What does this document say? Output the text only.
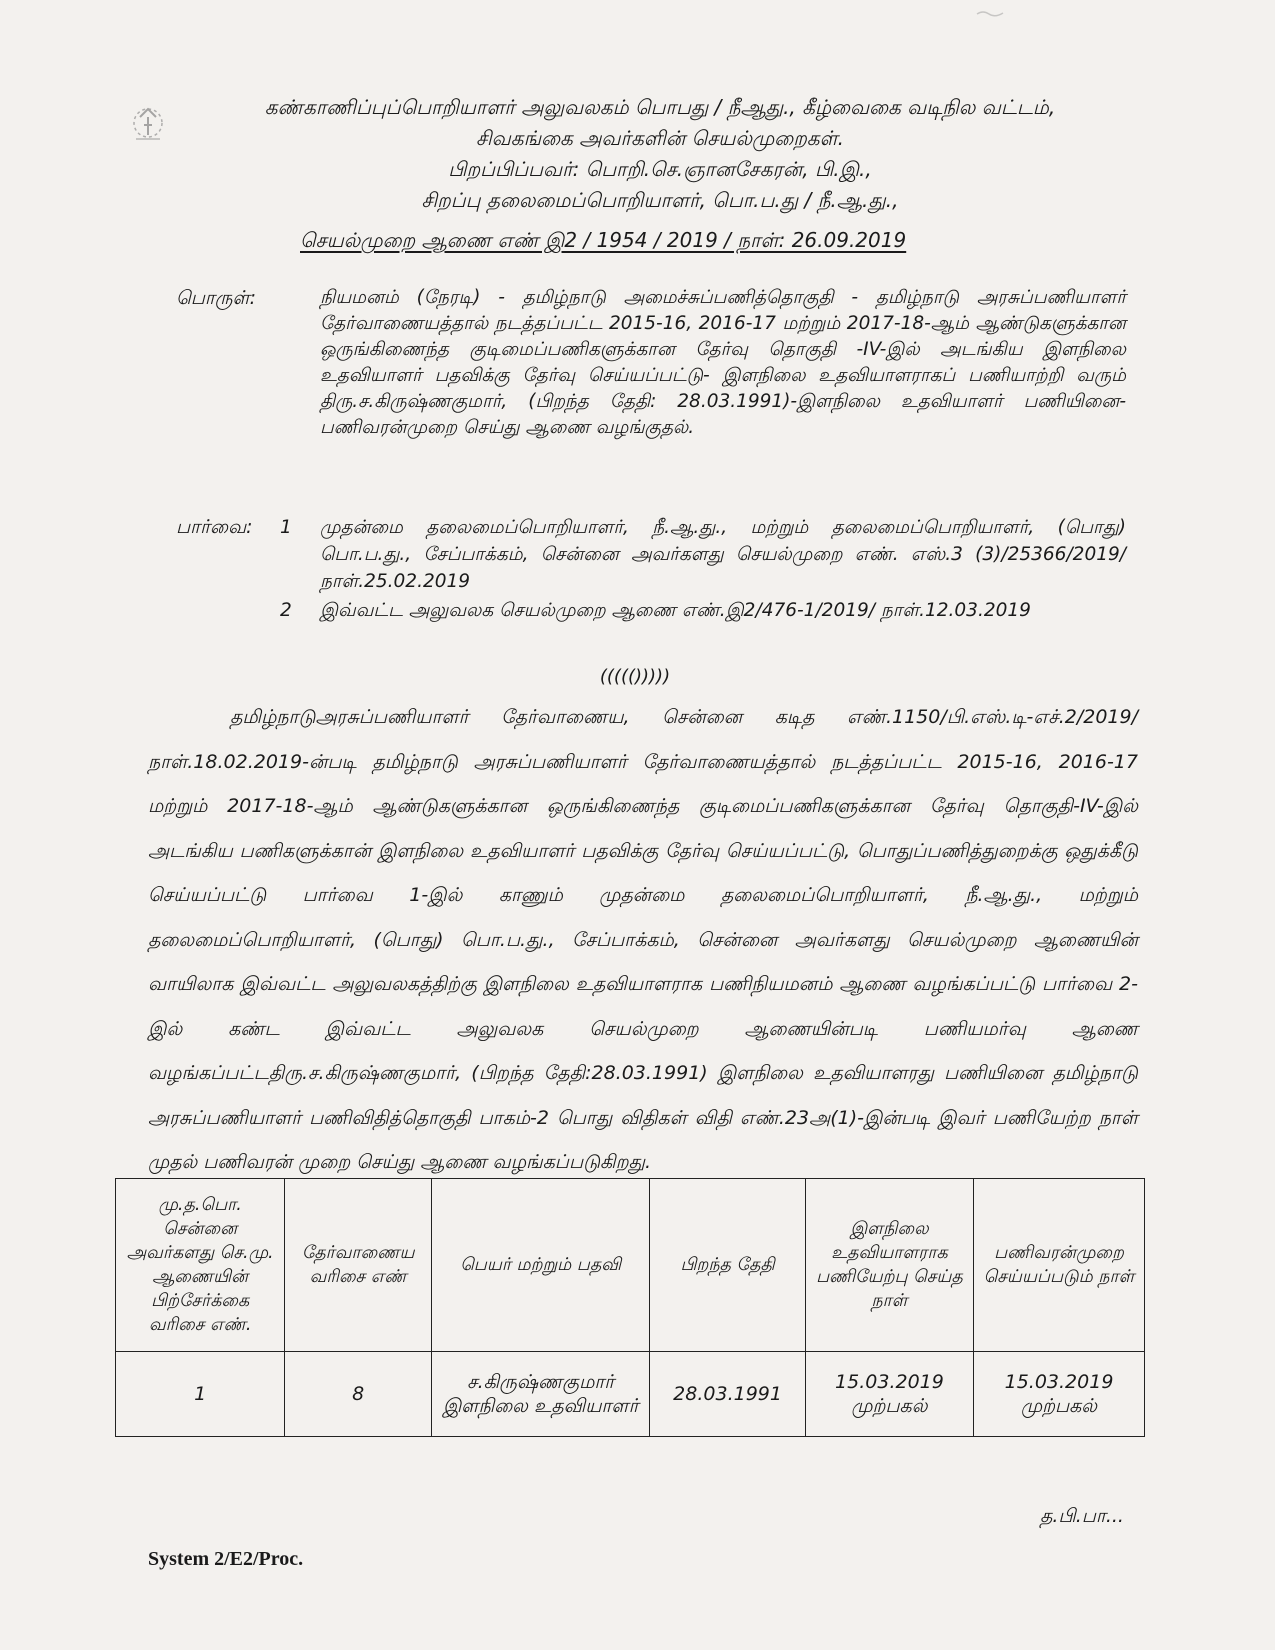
கண்காணிப்புப்பொறியாளர் அலுவலகம் பொபது / நீஆது., கீழ்வைகை வடிநில வட்டம்,
சிவகங்கை அவர்களின் செயல்முறைகள்.
பிறப்பிப்பவர்: பொறி.செ.ஞானசேகரன், பி.இ.,
சிறப்பு தலைமைப்பொறியாளர், பொ.ப.து / நீ.ஆ.து.,
செயல்முறை ஆணை எண் இ2 / 1954 / 2019 / நாள்: 26.09.2019
பொருள்:	நியமனம் (நேரடி) - தமிழ்நாடு அமைச்சுப்பணித்தொகுதி - தமிழ்நாடு அரசுப்பணியாளர் தேர்வாணையத்தால் நடத்தப்பட்ட 2015-16, 2016-17 மற்றும் 2017-18-ஆம் ஆண்டுகளுக்கான ஒருங்கிணைந்த குடிமைப்பணிகளுக்கான தேர்வு தொகுதி -IV-இல் அடங்கிய இளநிலை உதவியாளர் பதவிக்கு தேர்வு செய்யப்பட்டு- இளநிலை உதவியாளராகப் பணியாற்றி வரும் திரு.ச.கிருஷ்ணகுமார், (பிறந்த தேதி: 28.03.1991)-இளநிலை உதவியாளர் பணியினை- பணிவரன்முறை செய்து ஆணை வழங்குதல்.
பார்வை: 1	முதன்மை தலைமைப்பொறியாளர், நீ.ஆ.து., மற்றும் தலைமைப்பொறியாளர், (பொது) பொ.ப.து., சேப்பாக்கம், சென்னை அவர்களது செயல்முறை எண். எஸ்.3 (3)/25366/2019/ நாள்.25.02.2019
2	இவ்வட்ட அலுவலக செயல்முறை ஆணை எண்.இ2/476-1/2019/ நாள்.12.03.2019
((((()))))
தமிழ்நாடுஅரசுப்பணியாளர் தேர்வாணைய, சென்னை கடித எண்.1150/பி.எஸ்.டி-எச்.2/2019/ நாள்.18.02.2019-ன்படி தமிழ்நாடு அரசுப்பணியாளர் தேர்வாணையத்தால் நடத்தப்பட்ட 2015-16, 2016-17 மற்றும் 2017-18-ஆம் ஆண்டுகளுக்கான ஒருங்கிணைந்த குடிமைப்பணிகளுக்கான தேர்வு தொகுதி-IV-இல் அடங்கிய பணிகளுக்கான் இளநிலை உதவியாளர் பதவிக்கு தேர்வு செய்யப்பட்டு, பொதுப்பணித்துறைக்கு ஒதுக்கீடு செய்யப்பட்டு பார்வை 1-இல் காணும் முதன்மை தலைமைப்பொறியாளர், நீ.ஆ.து., மற்றும் தலைமைப்பொறியாளர், (பொது) பொ.ப.து., சேப்பாக்கம், சென்னை அவர்களது செயல்முறை ஆணையின் வாயிலாக இவ்வட்ட அலுவலகத்திற்கு இளநிலை உதவியாளராக பணிநியமனம் ஆணை வழங்கப்பட்டு பார்வை 2-இல் கண்ட இவ்வட்ட அலுவலக செயல்முறை ஆணையின்படி பணியமர்வு ஆணை வழங்கப்பட்டதிரு.ச.கிருஷ்ணகுமார், (பிறந்த தேதி:28.03.1991) இளநிலை உதவியாளரது பணியினை தமிழ்நாடு அரசுப்பணியாளர் பணிவிதித்தொகுதி பாகம்-2 பொது விதிகள் விதி எண்.23அ(1)-இன்படி இவர் பணியேற்ற நாள் முதல் பணிவரன் முறை செய்து ஆணை வழங்கப்படுகிறது.
மு.த.பொ. சென்னை அவர்களது செ.மு. ஆணையின் பிற்சேர்க்கை வரிசை எண்.	தேர்வாணைய வரிசை எண்	பெயர் மற்றும் பதவி	பிறந்த தேதி	இளநிலை உதவியாளராக பணியேற்பு செய்த நாள்	பணிவரன்முறை செய்யப்படும் நாள்
1	8	ச.கிருஷ்ணகுமார் இளநிலை உதவியாளர்	28.03.1991	15.03.2019 முற்பகல்	15.03.2019 முற்பகல்
த.பி.பா...
System 2/E2/Proc.
